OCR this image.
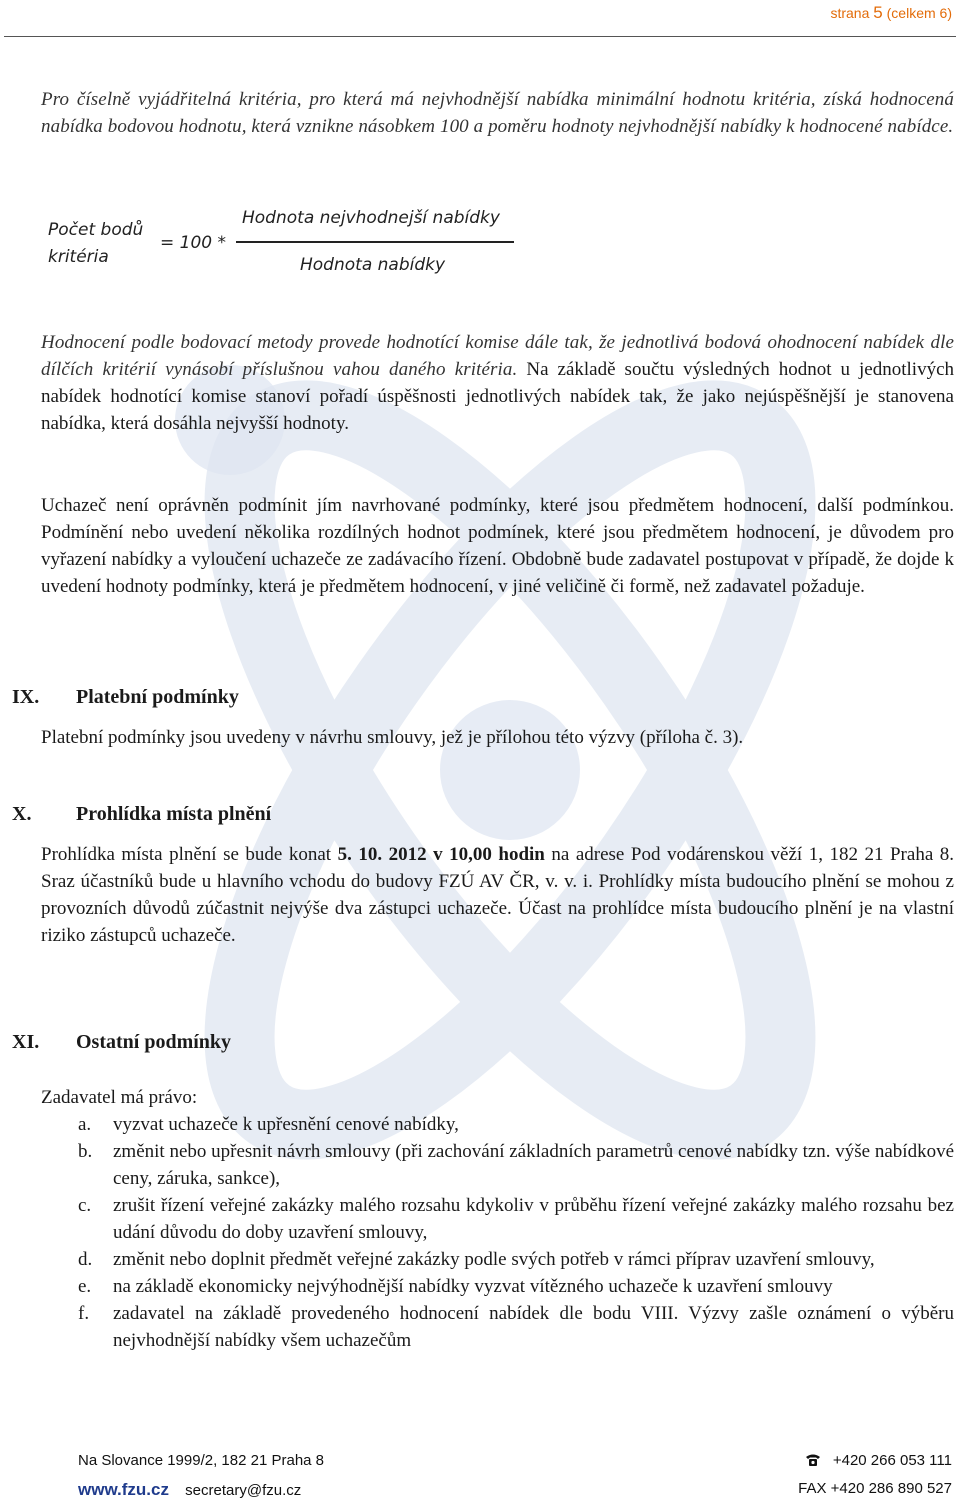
strana 5 (celkem 6)

Pro číselně vyjádřitelná kritéria, pro která má nejvhodnější nabídka minimální hodnotu kritéria, získá hodnocená nabídka bodovou hodnotu, která vznikne násobkem 100 a poměru hodnoty nejvhodnější nabídky k hodnocené nabídce.

Počet bodů
kritéria
= 100 *
Hodnota nejvhodnejší nabídky
Hodnota nabídky

Hodnocení podle bodovací metody provede hodnotící komise dále tak, že jednotlivá bodová ohodnocení nabídek dle dílčích kritérií vynásobí příslušnou vahou daného kritéria. Na základě součtu výsledných hodnot u jednotlivých nabídek hodnotící komise stanoví pořadí úspěšnosti jednotlivých nabídek tak, že jako nejúspěšnější je stanovena nabídka, která dosáhla nejvyšší hodnoty.

Uchazeč není oprávněn podmínit jím navrhované podmínky, které jsou předmětem hodnocení, další podmínkou. Podmínění nebo uvedení několika rozdílných hodnot podmínek, které jsou předmětem hodnocení, je důvodem pro vyřazení nabídky a vyloučení uchazeče ze zadávacího řízení. Obdobně bude zadavatel postupovat v případě, že dojde k uvedení hodnoty podmínky, která je předmětem hodnocení, v jiné veličině či formě, než zadavatel požaduje.

IX. Platební podmínky

Platební podmínky jsou uvedeny v návrhu smlouvy, jež je přílohou této výzvy (příloha č. 3).

X. Prohlídka místa plnění

Prohlídka místa plnění se bude konat 5. 10. 2012 v 10,00 hodin na adrese Pod vodárenskou věží 1, 182 21 Praha 8. Sraz účastníků bude u hlavního vchodu do budovy FZÚ AV ČR, v. v. i. Prohlídky místa budoucího plnění se mohou z provozních důvodů zúčastnit nejvýše dva zástupci uchazeče. Účast na prohlídce místa budoucího plnění je na vlastní riziko zástupců uchazeče.

XI. Ostatní podmínky

Zadavatel má právo:

a. vyzvat uchazeče k upřesnění cenové nabídky,
b. změnit nebo upřesnit návrh smlouvy (při zachování základních parametrů cenové nabídky tzn. výše nabídkové ceny, záruka, sankce),
c. zrušit řízení veřejné zakázky malého rozsahu kdykoliv v průběhu řízení veřejné zakázky malého rozsahu bez udání důvodu do doby uzavření smlouvy,
d. změnit nebo doplnit předmět veřejné zakázky podle svých potřeb v rámci příprav uzavření smlouvy,
e. na základě ekonomicky nejvýhodnější nabídky vyzvat vítězného uchazeče k uzavření smlouvy
f. zadavatel na základě provedeného hodnocení nabídek dle bodu VIII. Výzvy zašle oznámení o výběru nejvhodnější nabídky všem uchazečům
Na Slovance 1999/2, 182 21 Praha 8	+420 266 053 111
www.fzu.cz secretary@fzu.cz	FAX +420 286 890 527
